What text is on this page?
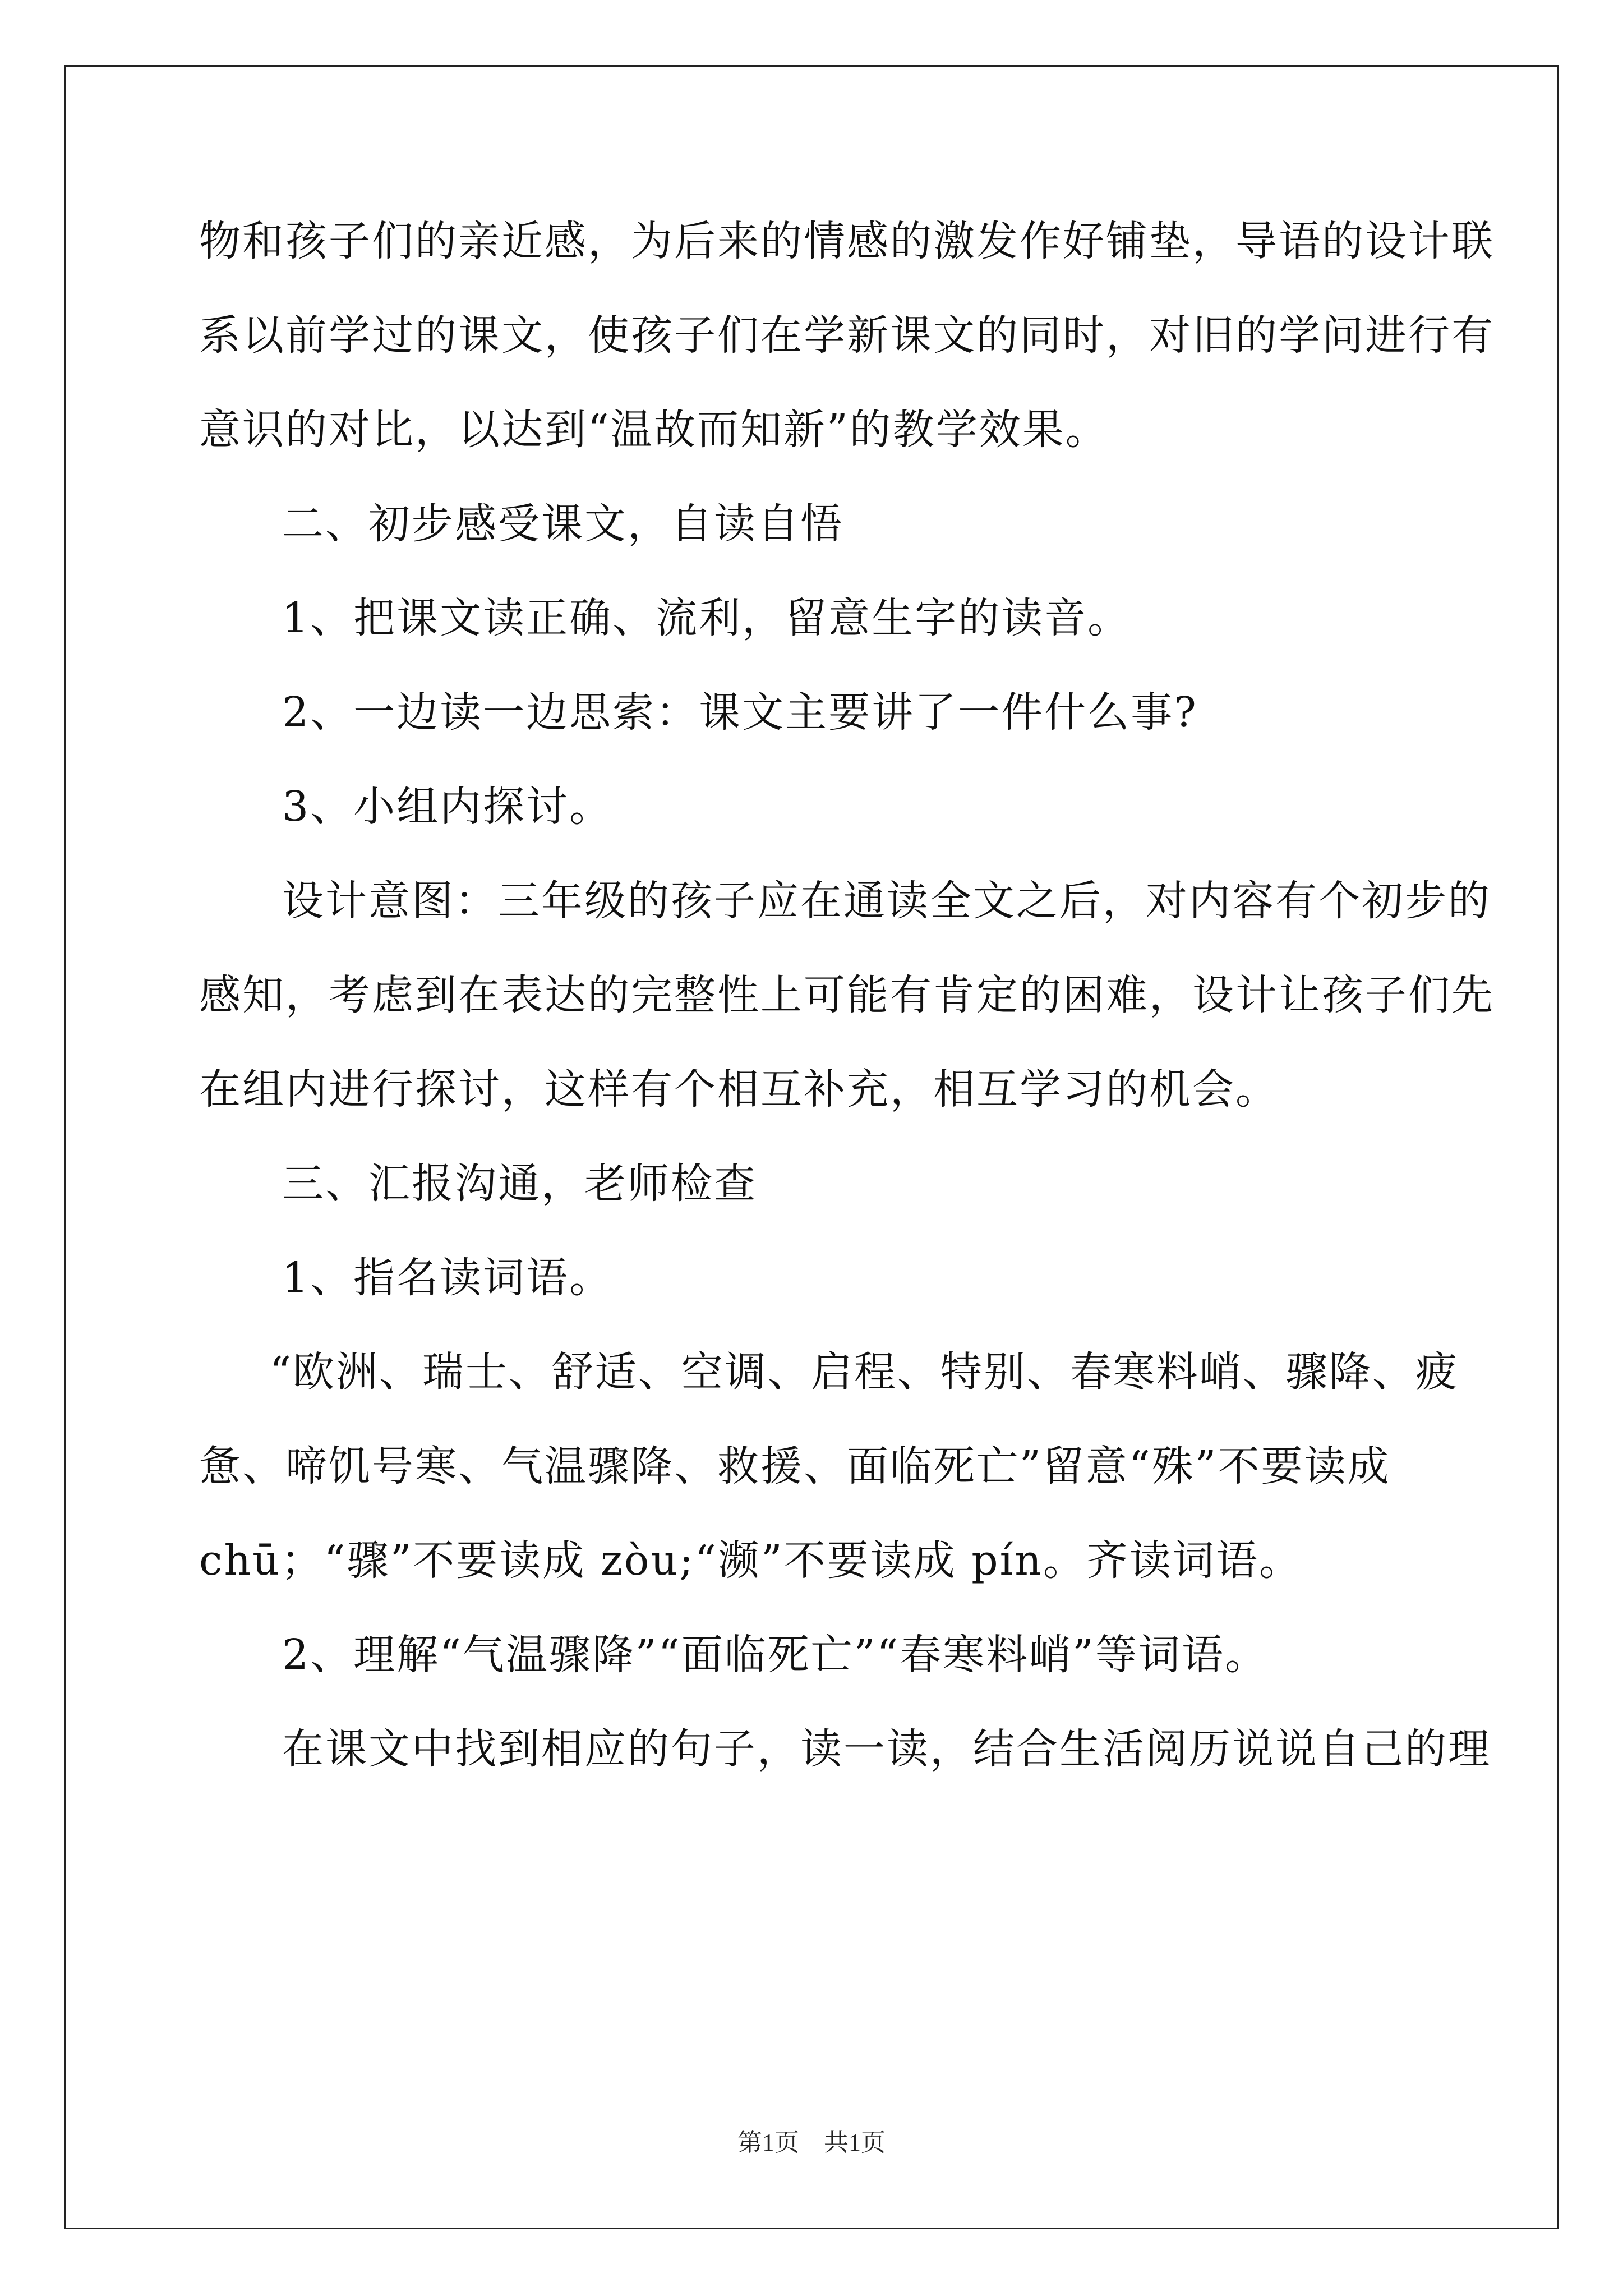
物和孩子们的亲近感，为后来的情感的激发作好铺垫，导语的设计联
系以前学过的课文，使孩子们在学新课文的同时，对旧的学问进行有
意识的对比，以达到“温故而知新”的教学效果。
二、初步感受课文，自读自悟
1、把课文读正确、流利，留意生字的读音。
2、一边读一边思索：课文主要讲了一件什么事?
3、小组内探讨。
设计意图：三年级的孩子应在通读全文之后，对内容有个初步的
感知，考虑到在表达的完整性上可能有肯定的困难，设计让孩子们先
在组内进行探讨，这样有个相互补充，相互学习的机会。
三、汇报沟通，老师检查
1、指名读词语。
“欧洲、瑞士、舒适、空调、启程、特别、春寒料峭、骤降、疲
惫、啼饥号寒、气温骤降、救援、面临死亡”留意“殊”不要读成
chū；“骤”不要读成 zòu;“濒”不要读成 pín。齐读词语。
2、理解“气温骤降”“面临死亡”“春寒料峭”等词语。
在课文中找到相应的句子，读一读，结合生活阅历说说自己的理
第1页　共1页
